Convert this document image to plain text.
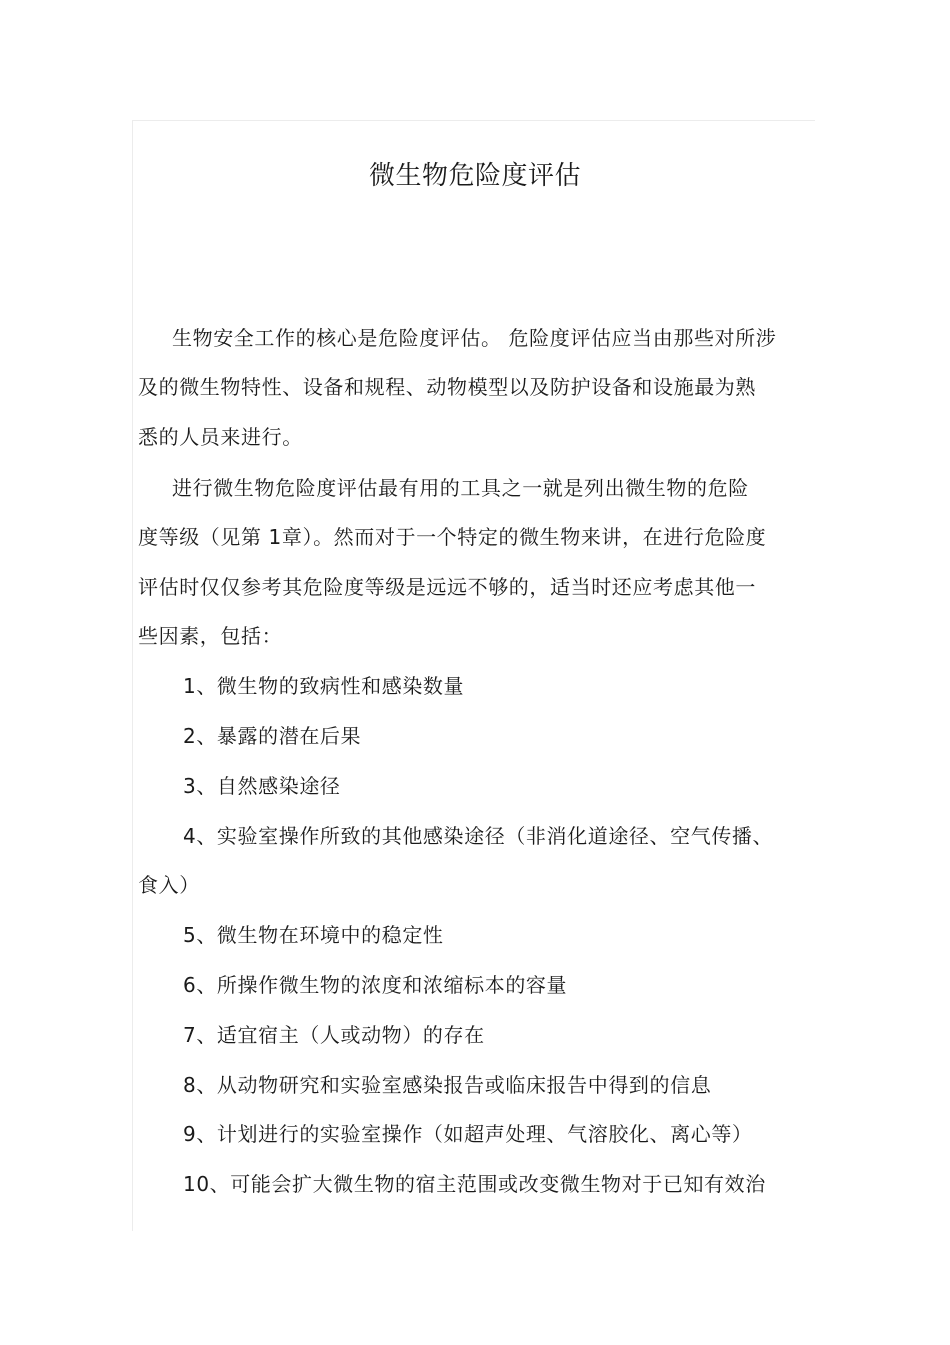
微生物危险度评估
生物安全工作的核心是危险度评估。 危险度评估应当由那些对所涉
及的微生物特性、设备和规程、动物模型以及防护设备和设施最为熟
悉的人员来进行。
进行微生物危险度评估最有用的工具之一就是列出微生物的危险
度等级（见第 1章）。然而对于一个特定的微生物来讲，在进行危险度
评估时仅仅参考其危险度等级是远远不够的，适当时还应考虑其他一
些因素，包括：
1、微生物的致病性和感染数量
2、暴露的潜在后果
3、自然感染途径
4、实验室操作所致的其他感染途径（非消化道途径、空气传播、
食入）
5、微生物在环境中的稳定性
6、所操作微生物的浓度和浓缩标本的容量
7、适宜宿主（人或动物）的存在
8、从动物研究和实验室感染报告或临床报告中得到的信息
9、计划进行的实验室操作（如超声处理、气溶胶化、离心等）
10、可能会扩大微生物的宿主范围或改变微生物对于已知有效治
